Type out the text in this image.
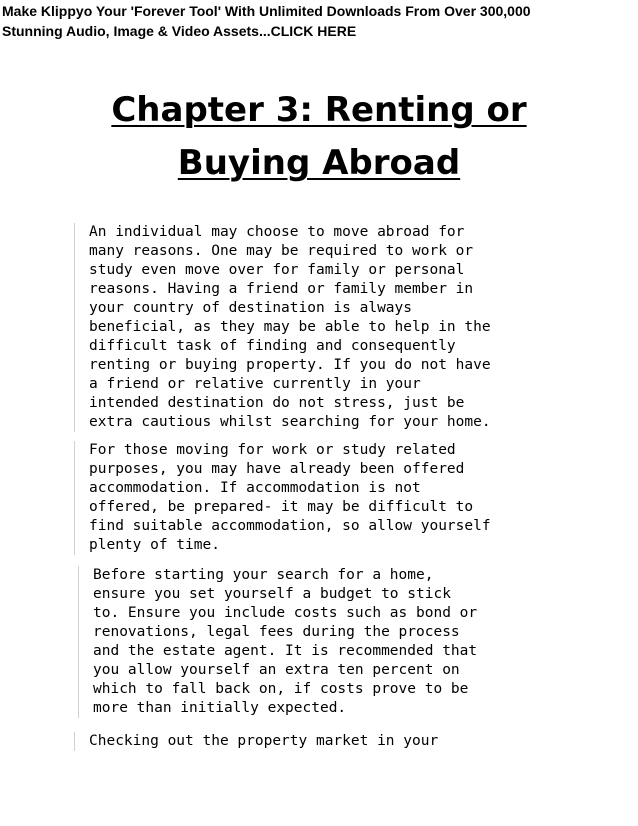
Make Klippyo Your 'Forever Tool' With Unlimited Downloads From Over 300,000
Stunning Audio, Image & Video Assets...CLICK HERE
Chapter 3: Renting or
Buying Abroad
An individual may choose to move abroad for
many reasons. One may be required to work or
study even move over for family or personal
reasons. Having a friend or family member in
your country of destination is always
beneficial, as they may be able to help in the
difficult task of finding and consequently
renting or buying property. If you do not have
a friend or relative currently in your
intended destination do not stress, just be
extra cautious whilst searching for your home.
For those moving for work or study related
purposes, you may have already been offered
accommodation. If accommodation is not
offered, be prepared- it may be difficult to
find suitable accommodation, so allow yourself
plenty of time.
Before starting your search for a home,
ensure you set yourself a budget to stick
to. Ensure you include costs such as bond or
renovations, legal fees during the process
and the estate agent. It is recommended that
you allow yourself an extra ten percent on
which to fall back on, if costs prove to be
more than initially expected.
Checking out the property market in your
